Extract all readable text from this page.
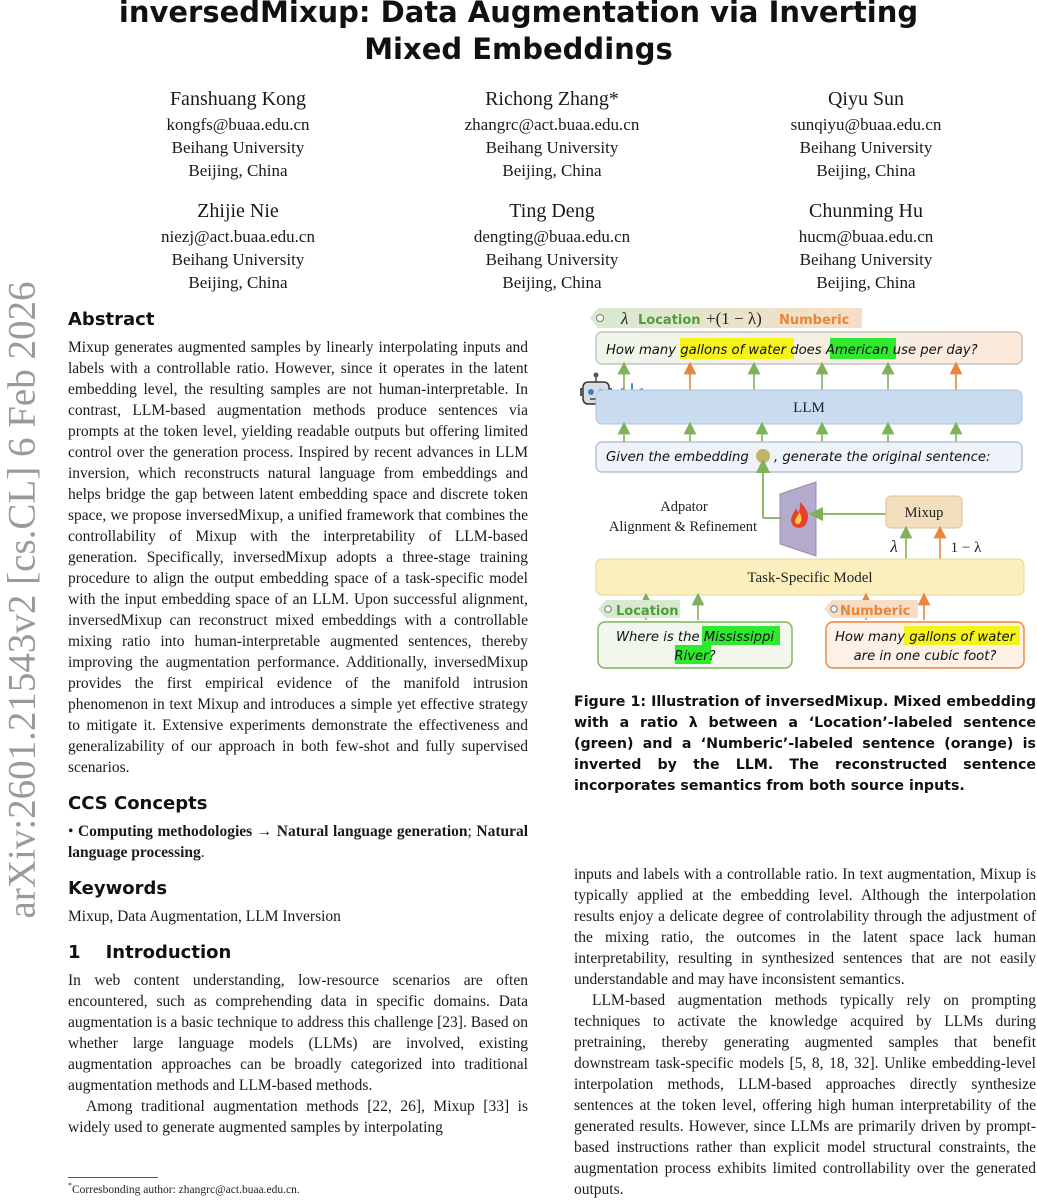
arXiv:2601.21543v2 [cs.CL] 6 Feb 2026
inversedMixup: Data Augmentation via Inverting Mixed Embeddings
Fanshuang Kong
kongfs@buaa.edu.cn
Beihang University
Beijing, China
Richong Zhang*
zhangrc@act.buaa.edu.cn
Beihang University
Beijing, China
Qiyu Sun
sunqiyu@buaa.edu.cn
Beihang University
Beijing, China
Zhijie Nie
niezj@act.buaa.edu.cn
Beihang University
Beijing, China
Ting Deng
dengting@buaa.edu.cn
Beihang University
Beijing, China
Chunming Hu
hucm@buaa.edu.cn
Beihang University
Beijing, China
Abstract

Mixup generates augmented samples by linearly interpolating inputs and labels with a controllable ratio. However, since it operates in the latent embedding level, the resulting samples are not human-interpretable. In contrast, LLM-based augmentation methods produce sentences via prompts at the token level, yielding readable outputs but offering limited control over the generation process. Inspired by recent advances in LLM inversion, which reconstructs natural language from embeddings and helps bridge the gap between latent embedding space and discrete token space, we propose inversedMixup, a unified framework that combines the controllability of Mixup with the interpretability of LLM-based generation. Specifically, inversedMixup adopts a three-stage training procedure to align the output embedding space of a task-specific model with the input embedding space of an LLM. Upon successful alignment, inversedMixup can reconstruct mixed embeddings with a controllable mixing ratio into human-interpretable augmented sentences, thereby improving the augmentation performance. Additionally, inversedMixup provides the first empirical evidence of the manifold intrusion phenomenon in text Mixup and introduces a simple yet effective strategy to mitigate it. Extensive experiments demonstrate the effectiveness and generalizability of our approach in both few-shot and fully supervised scenarios.

CCS Concepts

• Computing methodologies → Natural language generation; Natural language processing.

Keywords

Mixup, Data Augmentation, LLM Inversion

1 Introduction

In web content understanding, low-resource scenarios are often encountered, such as comprehending data in specific domains. Data augmentation is a basic technique to address this challenge [23]. Based on whether large language models (LLMs) are involved, existing augmentation approaches can be broadly categorized into traditional augmentation methods and LLM-based methods.

Among traditional augmentation methods [22, 26], Mixup [33] is widely used to generate augmented samples by interpolating

*Corresbonding author: zhangrc@act.buaa.edu.cn.
λ Location +(1 − λ) Numberic
How many gallons of water does American use per day?
LLM
Given the embedding , generate the original sentence:
Adpator
Alignment & Refinement
Mixup
λ	1 − λ
Task-Specific Model
Location
Where is the Mississippi
River?
Numberic
How many gallons of water
are in one cubic foot?
Figure 1: Illustration of inversedMixup. Mixed embedding with a ratio λ between a ‘Location’-labeled sentence (green) and a ‘Numberic’-labeled sentence (orange) is inverted by the LLM. The reconstructed sentence incorporates semantics from both source inputs.

inputs and labels with a controllable ratio. In text augmentation, Mixup is typically applied at the embedding level. Although the interpolation results enjoy a delicate degree of controlability through the adjustment of the mixing ratio, the outcomes in the latent space lack human interpretability, resulting in synthesized sentences that are not easily understandable and may have inconsistent semantics.

LLM-based augmentation methods typically rely on prompting techniques to activate the knowledge acquired by LLMs during pretraining, thereby generating augmented samples that benefit downstream task-specific models [5, 8, 18, 32]. Unlike embedding-level interpolation methods, LLM-based approaches directly synthesize sentences at the token level, offering high human interpretability of the generated results. However, since LLMs are primarily driven by prompt-based instructions rather than explicit model structural constraints, the augmentation process exhibits limited controllability over the generated outputs.
